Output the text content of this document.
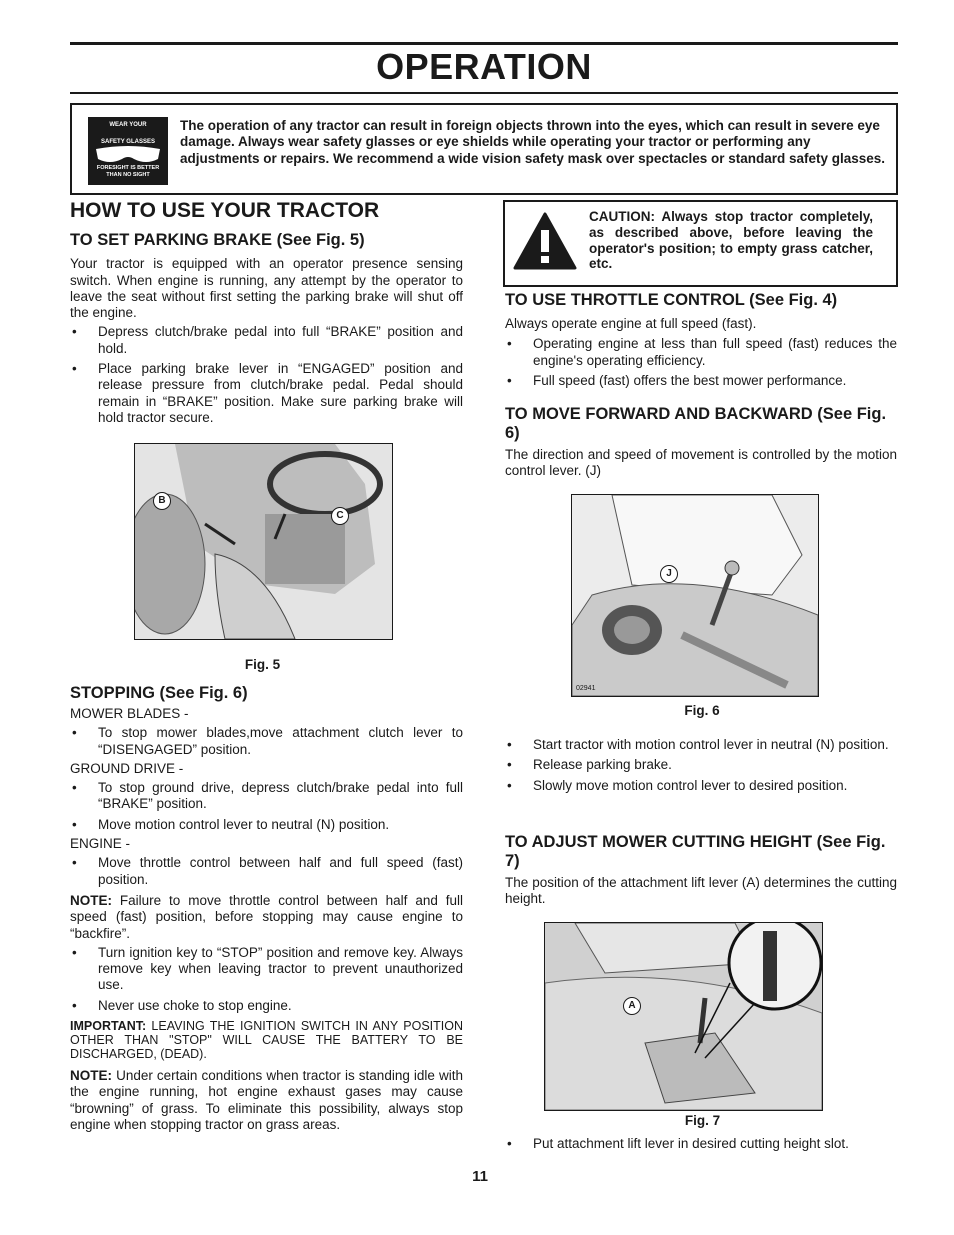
OPERATION
WEAR YOUR
SAFETY GLASSES
FORESIGHT IS BETTER THAN NO SIGHT
The operation of any tractor can result in foreign objects thrown into the eyes, which can result in severe eye damage. Always wear safety glasses or eye shields while operating your tractor or performing any adjustments or repairs. We recommend a wide vision safety mask over spectacles or standard safety glasses.
HOW TO USE YOUR TRACTOR
TO SET PARKING BRAKE (See Fig. 5)

Your tractor is equipped with an operator presence sensing switch. When engine is running, any attempt by the operator to leave the seat without first setting the parking brake will shut off the engine.

• Depress clutch/brake pedal into full “BRAKE” position and hold.
• Place parking brake lever in “ENGAGED” position and release pressure from clutch/brake pedal. Pedal should remain in “BRAKE” position. Make sure parking brake will hold tractor secure.
B
C
Fig. 5
STOPPING (See Fig. 6)

MOWER BLADES -

• To stop mower blades,move attachment clutch lever to “DISENGAGED” position.

GROUND DRIVE -

• To stop ground drive, depress clutch/brake pedal into full “BRAKE” position.
• Move motion control lever to neutral (N) position.

ENGINE -

• Move throttle control between half and full speed (fast) position.

NOTE: Failure to move throttle control between half and full speed (fast) position, before stopping may cause engine to “backfire”.

• Turn ignition key to “STOP” position and remove key. Always remove key when leaving tractor to prevent unauthorized use.
• Never use choke to stop engine.

IMPORTANT: LEAVING THE IGNITION SWITCH IN ANY POSITION OTHER THAN "STOP" WILL CAUSE THE BATTERY TO BE DISCHARGED, (DEAD).

NOTE: Under certain conditions when tractor is standing idle with the engine running, hot engine exhaust gases may cause “browning” of grass. To eliminate this possibility, always stop engine when stopping tractor on grass areas.

CAUTION: Always stop tractor completely, as described above, before leaving the operator's position; to empty grass catcher, etc.
TO USE THROTTLE CONTROL (See Fig. 4)

Always operate engine at full speed (fast).

• Operating engine at less than full speed (fast) reduces the engine's operating efficiency.
• Full speed (fast) offers the best mower performance.
TO MOVE FORWARD AND BACKWARD (See Fig. 6)

The direction and speed of movement is controlled by the motion control lever. (J)

J
02941
Fig. 6
• Start tractor with motion control lever in neutral (N) position.
• Release parking brake.
• Slowly move motion control lever to desired position.
TO ADJUST MOWER CUTTING HEIGHT (See Fig. 7)

The position of the attachment lift lever (A) determines the cutting height.

A
Fig. 7
• Put attachment lift lever in desired cutting height slot.
11
